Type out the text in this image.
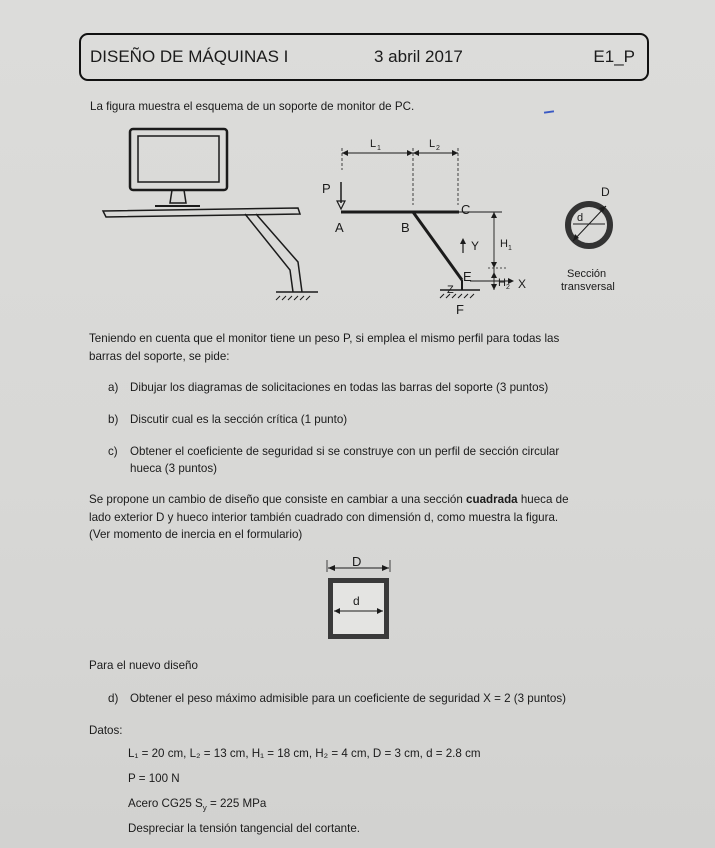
DISEÑO DE MÁQUINAS I	3 abril 2017	E1_P
La figura muestra el esquema de un soporte de monitor de PC.
L 1	L 2
P
A	B
C
E
F
Z
Y
X
H 1
H 2
D
d
Sección
transversal
Teniendo en cuenta que el monitor tiene un peso P, si emplea el mismo perfil para todas las
barras del soporte, se pide:
a) Dibujar los diagramas de solicitaciones en todas las barras del soporte (3 puntos)
b) Discutir cual es la sección crítica (1 punto)
c) Obtener el coeficiente de seguridad si se construye con un perfil de sección circular
hueca (3 puntos)
Se propone un cambio de diseño que consiste en cambiar a una sección cuadrada hueca de
lado exterior D y hueco interior también cuadrado con dimensión d, como muestra la figura.
(Ver momento de inercia en el formulario)
D
d
Para el nuevo diseño
d) Obtener el peso máximo admisible para un coeficiente de seguridad X = 2 (3 puntos)
Datos:
L₁ = 20 cm, L₂ = 13 cm, H₁ = 18 cm, H₂ = 4 cm, D = 3 cm, d = 2.8 cm
P = 100 N
Acero CG25 $S_y = 225$ MPa
Despreciar la tensión tangencial del cortante.
